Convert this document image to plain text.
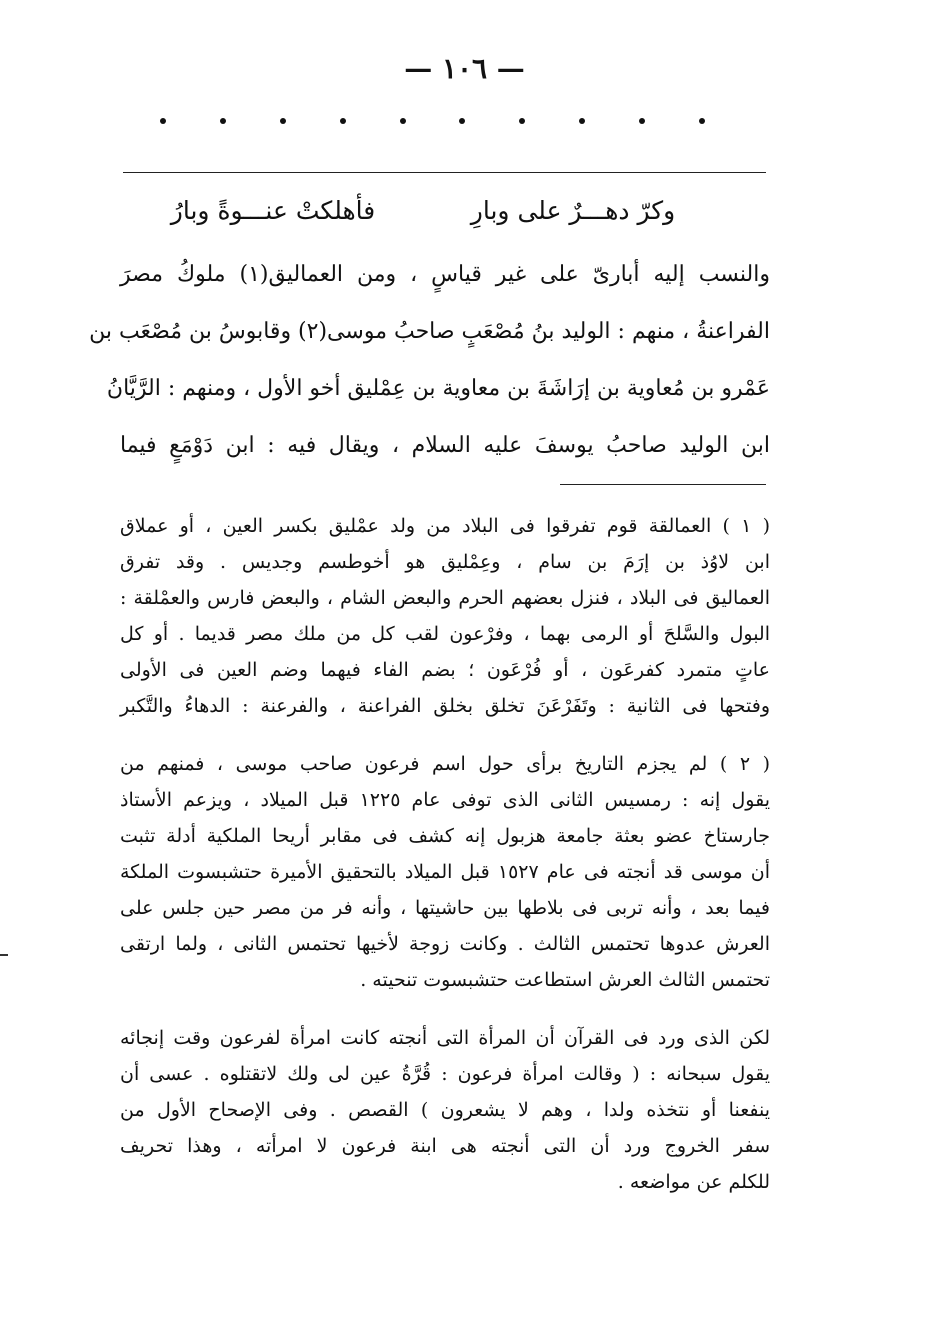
— ١٠٦ —
وكرّ دهـــرٌ على وبارِ
فأهلكتْ عنـــوةً وبارُ
والنسب إليه أبارىّ على غير قياسٍ ، ومن العماليق(١) ملوكُ مصرَ
الفراعنةُ ، منهم : الوليد بنُ مُصْعَبٍ صاحبُ موسى(٢) وقابوسُ بن مُصْعَب بن
عَمْرو بن مُعاوية بن إرَاشَةَ بن معاوية بن عِمْليق أخو الأول ، ومنهم : الرَّيَّانُ
ابن الوليد صاحبُ يوسفَ عليه السلام ، ويقال فيه : ابن دَوْمَعٍ فيما
( ١ ) العمالقة قوم تفرقوا فى البلاد من ولد عمْليق بكسر العين ، أو عملاق
ابن لاوُذ بن إرَمَ بن سام ، وعِمْليق هو أخوطسم وجديس . وقد تفرق
العماليق فى البلاد ، فنزل بعضهم الحرم والبعض الشام ، والبعض فارس والعمْلقة :
البول والسَّلحَ أو الرمى بهما ، وفرْعون لقب كل من ملك مصر قديما . أو كل
عاتٍ متمرد كفرعَون ، أو فُرْعَون ؛ بضم الفاء فيهما وضم العين فى الأولى
وفتحها فى الثانية : وتَفَرْعَنَ تخلق بخلق الفراعنة ، والفرعنة : الدهاءُ والتَّكبر
( ٢ ) لم يجزم التاريخ برأى حول اسم فرعون صاحب موسى ، فمنهم من
يقول إنه : رمسيس الثانى الذى توفى عام ١٢٢٥ قبل الميلاد ، ويزعم الأستاذ
جارستاخ عضو بعثة جامعة هزبول إنه كشف فى مقابر أريحا الملكية أدلة تثبت
أن موسى قد أنجته فى عام ١٥٢٧ قبل الميلاد بالتحقيق الأميرة حتشبسوت الملكة
فيما بعد ، وأنه تربى فى بلاطها بين حاشيتها ، وأنه فر من مصر حين جلس على
العرش عدوها تحتمس الثالث . وكانت زوجة لأخيها تحتمس الثانى ، ولما ارتقى
تحتمس الثالث العرش استطاعت حتشبسوت تنحيته .
لكن الذى ورد فى القرآن أن المرأة التى أنجته كانت امرأة لفرعون وقت إنجائه
يقول سبحانه : ( وقالت امرأة فرعون : قُرَّةُ عين لى ولك لاتقتلوه . عسى أن
ينفعنا أو نتخذه ولدا ، وهم لا يشعرون ) القصص . وفى الإصحاح الأول من
سفر الخروج ورد أن التى أنجته هى ابنة فرعون لا امرأته ، وهذا تحريف
للكلم عن مواضعه .
